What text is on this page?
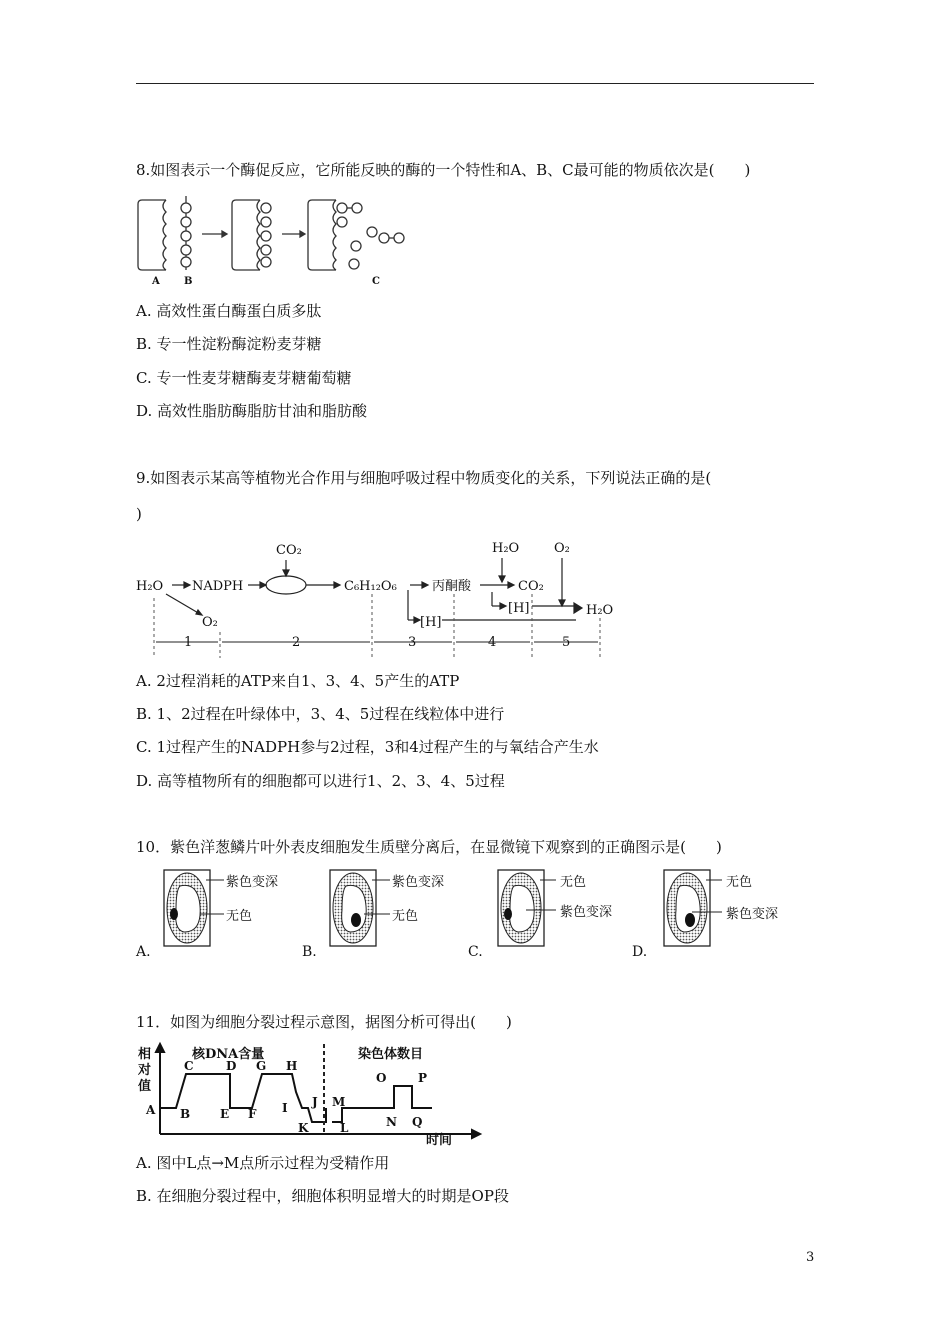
8.如图表示一个酶促反应，它所能反映的酶的一个特性和A、B、C最可能的物质依次是(　　)
A B	C
A. 高效性蛋白酶蛋白质多肽
B. 专一性淀粉酶淀粉麦芽糖
C. 专一性麦芽糖酶麦芽糖葡萄糖
D. 高效性脂肪酶脂肪甘油和脂肪酸
9.如图表示某高等植物光合作用与细胞呼吸过程中物质变化的关系，下列说法正确的是(
)
H₂O NADPH
CO₂
C₆H₁₂O₆	丙酮酸
H₂O
CO₂
O₂
O₂	[H]
[H]	H₂O
1	2	3	4	5
A. 2过程消耗的ATP来自1、3、4、5产生的ATP
B. 1、2过程在叶绿体中，3、4、5过程在线粒体中进行
C. 1过程产生的NADPH参与2过程，3和4过程产生的与氧结合产生水
D. 高等植物所有的细胞都可以进行1、2、3、4、5过程
10．紫色洋葱鳞片叶外表皮细胞发生质壁分离后，在显微镜下观察到的正确图示是(　　)
紫色变深
无色
紫色变深
无色
无色
紫色变深
无色
紫色变深
A.	B.	C.	D.
11．如图为细胞分裂过程示意图，据图分析可得出(　　)
相
对
值
核DNA含量	染色体数目
时间
A B
C	D
E F
G H
I J
K	L
M
N
O	P
Q
A. 图中L点→M点所示过程为受精作用
B. 在细胞分裂过程中，细胞体积明显增大的时期是OP段
3
